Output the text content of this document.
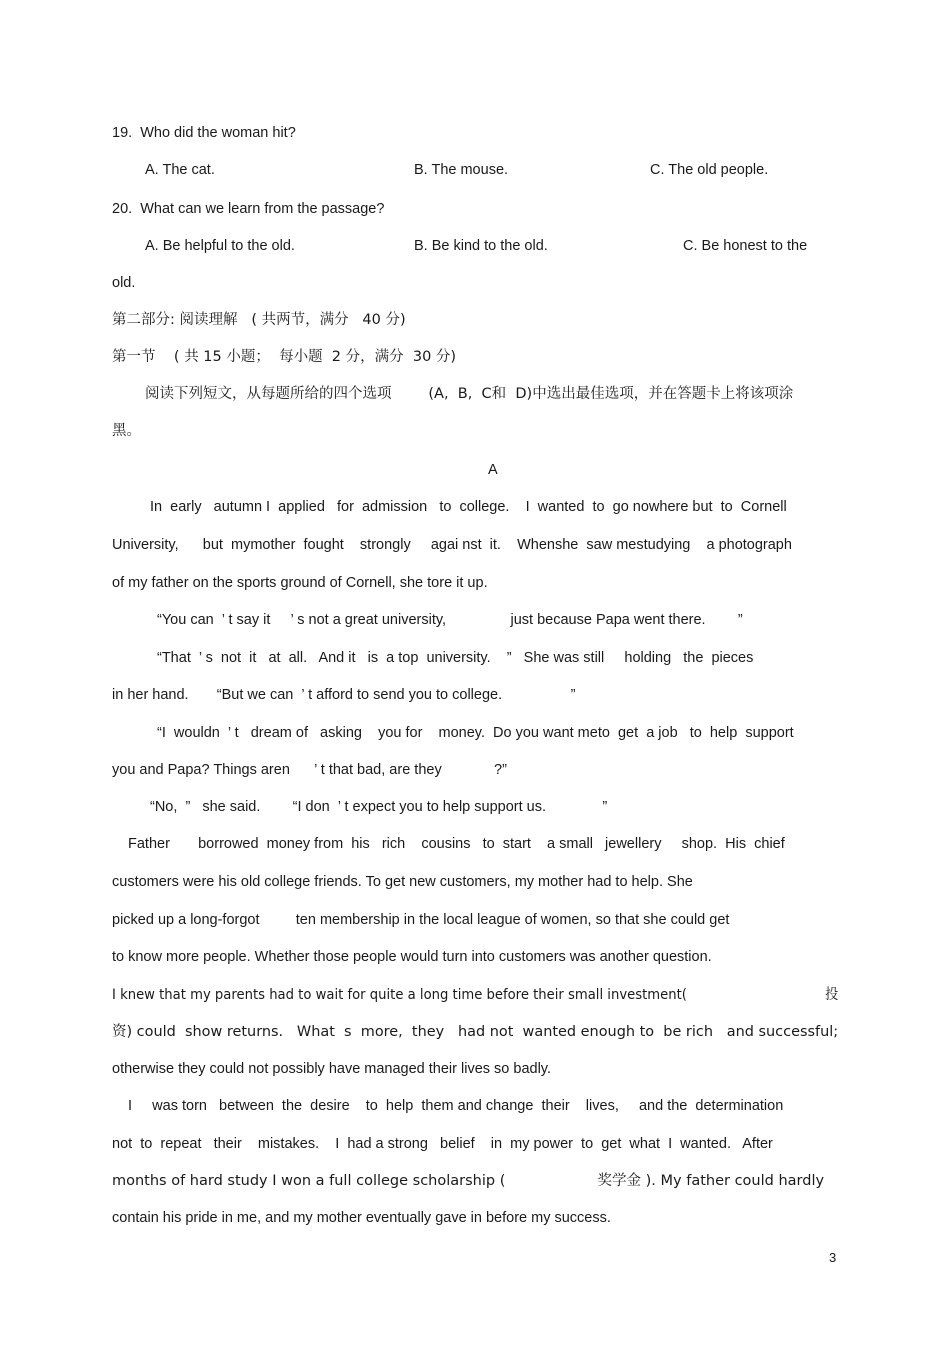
19.  Who did the woman hit?
A. The cat.	B. The mouse.	C. The old people.
20.  What can we learn from the passage?
A. Be helpful to the old.	B. Be kind to the old.	C. Be honest to the
old.
第二部分: 阅读理解   ( 共两节，满分   40 分)
第一节    ( 共 15 小题；  每小题  2 分，满分  30 分)
阅读下列短文，从每题所给的四个选项        (A,  B,  C和  D)中选出最佳选项，并在答题卡上将该项涂
黑。
A
In  early   autumn I  applied   for  admission   to  college.    I  wanted  to  go nowhere but  to  Cornell
University,      but  mymother  fought    strongly     agai nst  it.    Whenshe  saw mestudying    a photograph
of my father on the sports ground of Cornell, she tore it up.
“You can  ’ t say it     ’ s not a great university,                just because Papa went there.        ”
“That  ’ s  not  it   at  all.   And it   is  a top  university.    ”   She was still     holding   the  pieces
in her hand.       “But we can  ’ t afford to send you to college.                 ”
“I  wouldn  ’ t   dream of   asking    you for    money.  Do you want meto  get  a job   to  help  support
you and Papa? Things aren      ’ t that bad, are they             ?”
“No,  ”   she said.        “I don  ’ t expect you to help support us.              ”
Father       borrowed  money from  his   rich    cousins   to  start    a small   jewellery     shop.  His  chief
customers were his old college friends. To get new customers, my mother had to help. She
picked up a long-forgot         ten membership in the local league of women, so that she could get
to know more people. Whether those people would turn into customers was another question.
I knew that my parents had to wait for quite a long time before their small investment(                                 投
资) could  show returns.   What  s  more,  they   had not  wanted enough to  be rich   and successful;
otherwise they could not possibly have managed their lives so badly.
I     was torn   between  the  desire    to  help  them and change  their    lives,     and the  determination
not  to  repeat   their    mistakes.    I  had a strong   belief    in  my power  to  get  what  I  wanted.   After
months of hard study I won a full college scholarship (                    奖学金 ). My father could hardly
contain his pride in me, and my mother eventually gave in before my success.
3
